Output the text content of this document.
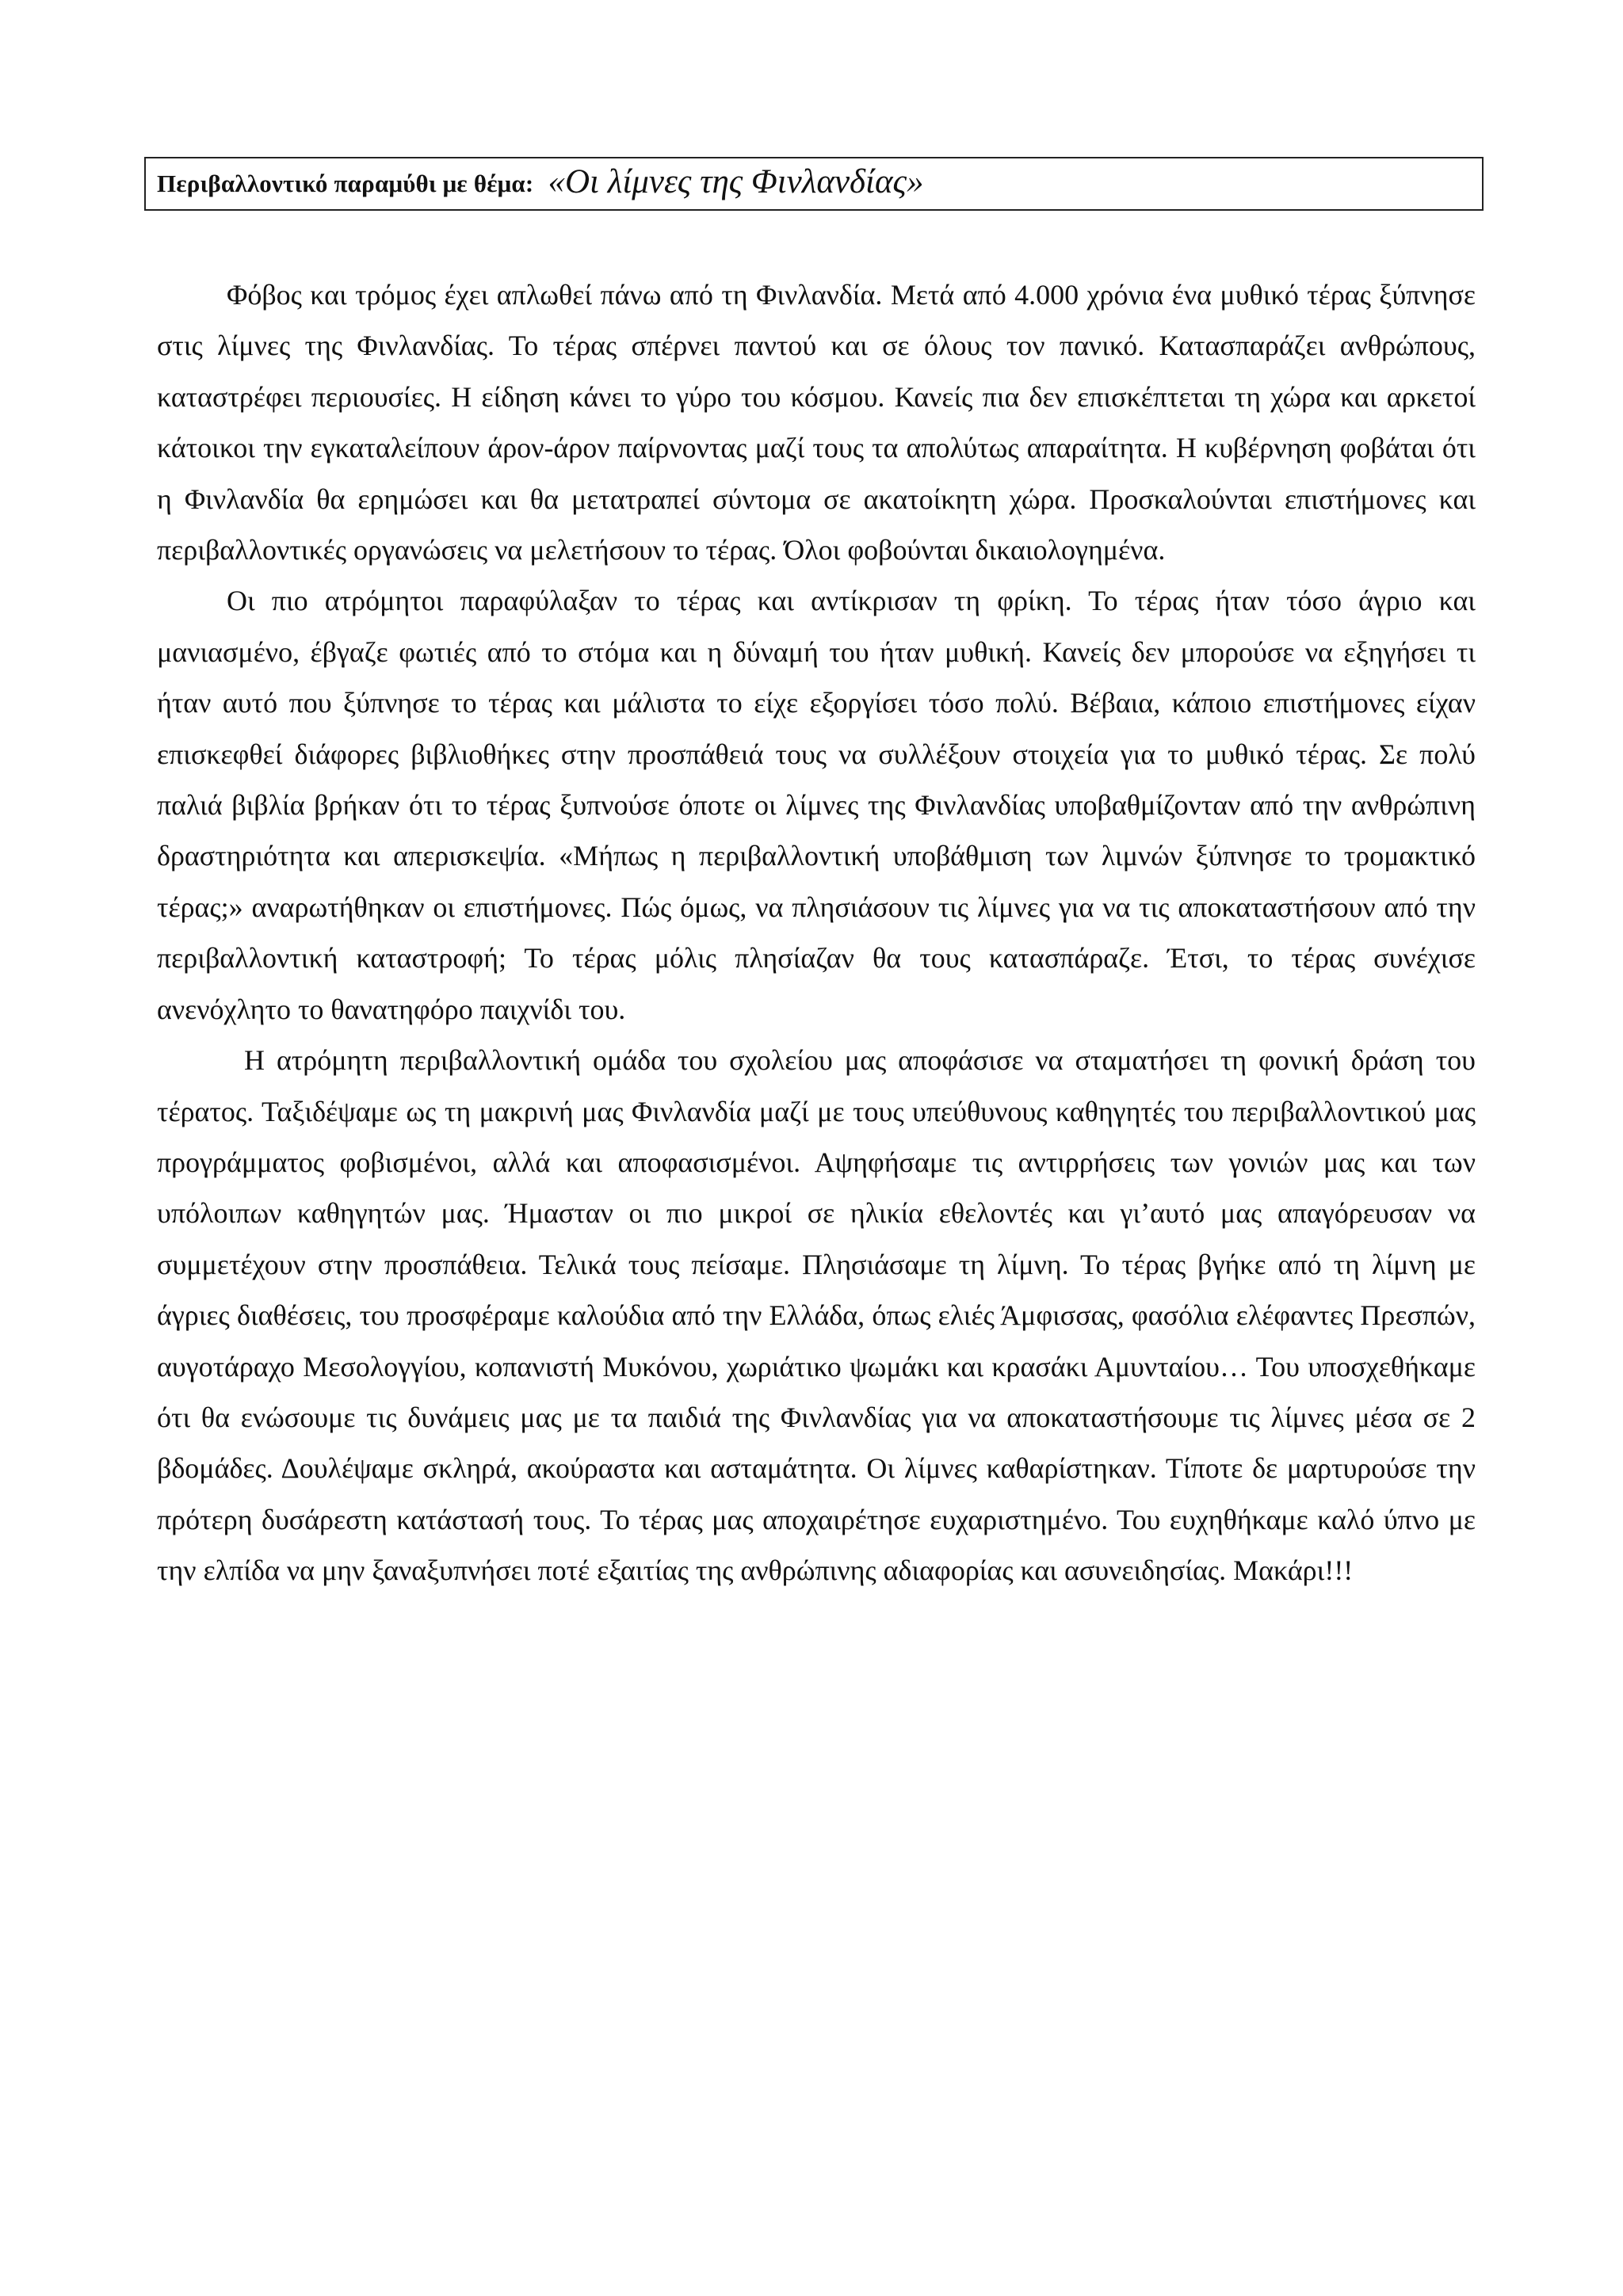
Περιβαλλοντικό παραμύθι με θέμα: «Οι λίμνες της Φινλανδίας»

Φόβος και τρόμος έχει απλωθεί πάνω από τη Φινλανδία. Μετά από 4.000 χρόνια ένα μυθικό τέρας ξύπνησε στις λίμνες της Φινλανδίας. Το τέρας σπέρνει παντού και σε όλους τον πανικό. Κατασπαράζει ανθρώπους, καταστρέφει περιουσίες. Η είδηση κάνει το γύρο του κόσμου. Κανείς πια δεν επισκέπτεται τη χώρα και αρκετοί κάτοικοι την εγκαταλείπουν άρον-άρον παίρνοντας μαζί τους τα απολύτως απαραίτητα. Η κυβέρνηση φοβάται ότι η Φινλανδία θα ερημώσει και θα μετατραπεί σύντομα σε ακατοίκητη χώρα. Προσκαλούνται επιστήμονες και περιβαλλοντικές οργανώσεις να μελετήσουν το τέρας. Όλοι φοβούνται δικαιολογημένα.

Οι πιο ατρόμητοι παραφύλαξαν το τέρας και αντίκρισαν τη φρίκη. Το τέρας ήταν τόσο άγριο και μανιασμένο, έβγαζε φωτιές από το στόμα και η δύναμή του ήταν μυθική. Κανείς δεν μπορούσε να εξηγήσει τι ήταν αυτό που ξύπνησε το τέρας και μάλιστα το είχε εξοργίσει τόσο πολύ. Βέβαια, κάποιο επιστήμονες είχαν επισκεφθεί διάφορες βιβλιοθήκες στην προσπάθειά τους να συλλέξουν στοιχεία για το μυθικό τέρας. Σε πολύ παλιά βιβλία βρήκαν ότι το τέρας ξυπνούσε όποτε οι λίμνες της Φινλανδίας υποβαθμίζονταν από την ανθρώπινη δραστηριότητα και απερισκεψία. «Μήπως η περιβαλλοντική υποβάθμιση των λιμνών ξύπνησε το τρομακτικό τέρας;» αναρωτήθηκαν οι επιστήμονες. Πώς όμως, να πλησιάσουν τις λίμνες για να τις αποκαταστήσουν από την περιβαλλοντική καταστροφή; Το τέρας μόλις πλησίαζαν θα τους κατασπάραζε. Έτσι, το τέρας συνέχισε ανενόχλητο το θανατηφόρο παιχνίδι του.

Η ατρόμητη περιβαλλοντική ομάδα του σχολείου μας αποφάσισε να σταματήσει τη φονική δράση του τέρατος. Ταξιδέψαμε ως τη μακρινή μας Φινλανδία μαζί με τους υπεύθυνους καθηγητές του περιβαλλοντικού μας προγράμματος φοβισμένοι, αλλά και αποφασισμένοι. Αψηφήσαμε τις αντιρρήσεις των γονιών μας και των υπόλοιπων καθηγητών μας. Ήμασταν οι πιο μικροί σε ηλικία εθελοντές και γι’αυτό μας απαγόρευσαν να συμμετέχουν στην προσπάθεια. Τελικά τους πείσαμε. Πλησιάσαμε τη λίμνη. Το τέρας βγήκε από τη λίμνη με άγριες διαθέσεις, του προσφέραμε καλούδια από την Ελλάδα, όπως ελιές Άμφισσας, φασόλια ελέφαντες Πρεσπών, αυγοτάραχο Μεσολογγίου, κοπανιστή Μυκόνου, χωριάτικο ψωμάκι και κρασάκι Αμυνταίου… Του υποσχεθήκαμε ότι θα ενώσουμε τις δυνάμεις μας με τα παιδιά της Φινλανδίας για να αποκαταστήσουμε τις λίμνες μέσα σε 2 βδομάδες. Δουλέψαμε σκληρά, ακούραστα και ασταμάτητα. Οι λίμνες καθαρίστηκαν. Τίποτε δε μαρτυρούσε την πρότερη δυσάρεστη κατάστασή τους. Το τέρας μας αποχαιρέτησε ευχαριστημένο. Του ευχηθήκαμε καλό ύπνο με την ελπίδα να μην ξαναξυπνήσει ποτέ εξαιτίας της ανθρώπινης αδιαφορίας και ασυνειδησίας. Μακάρι!!!
